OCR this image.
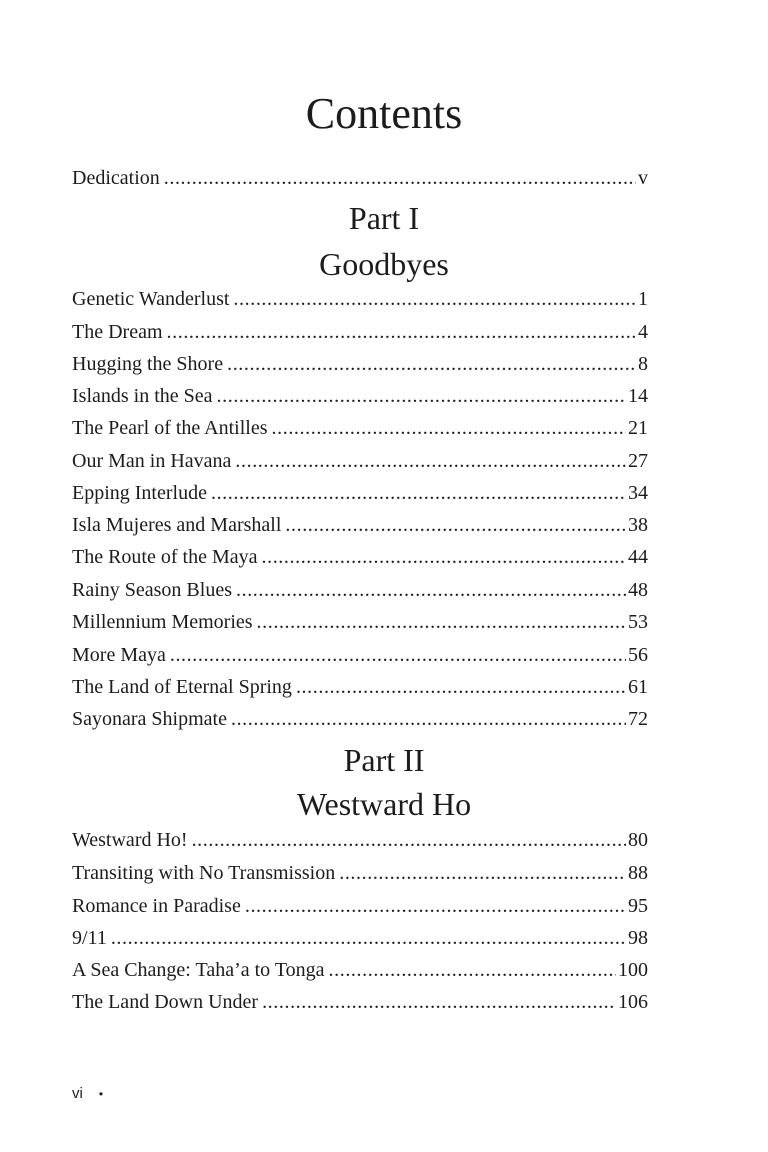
Contents
Dedication . . .	v
Part I
Goodbyes
Genetic Wanderlust . . .	1
The Dream . . .	4
Hugging the Shore . . .	8
Islands in the Sea . . .	14
The Pearl of the Antilles . . .	21
Our Man in Havana . . .	27
Epping Interlude . . .	34
Isla Mujeres and Marshall . . .	38
The Route of the Maya . . .	44
Rainy Season Blues . . .	48
Millennium Memories . . .	53
More Maya . . .	56
The Land of Eternal Spring . . .	61
Sayonara Shipmate . . .	72
Part II
Westward Ho
Westward Ho! . . .	80
Transiting with No Transmission . . .	88
Romance in Paradise . . .	95
9/11 . . .	98
A Sea Change: Taha’a to Tonga . . .	100
The Land Down Under . . .	106
vi •
